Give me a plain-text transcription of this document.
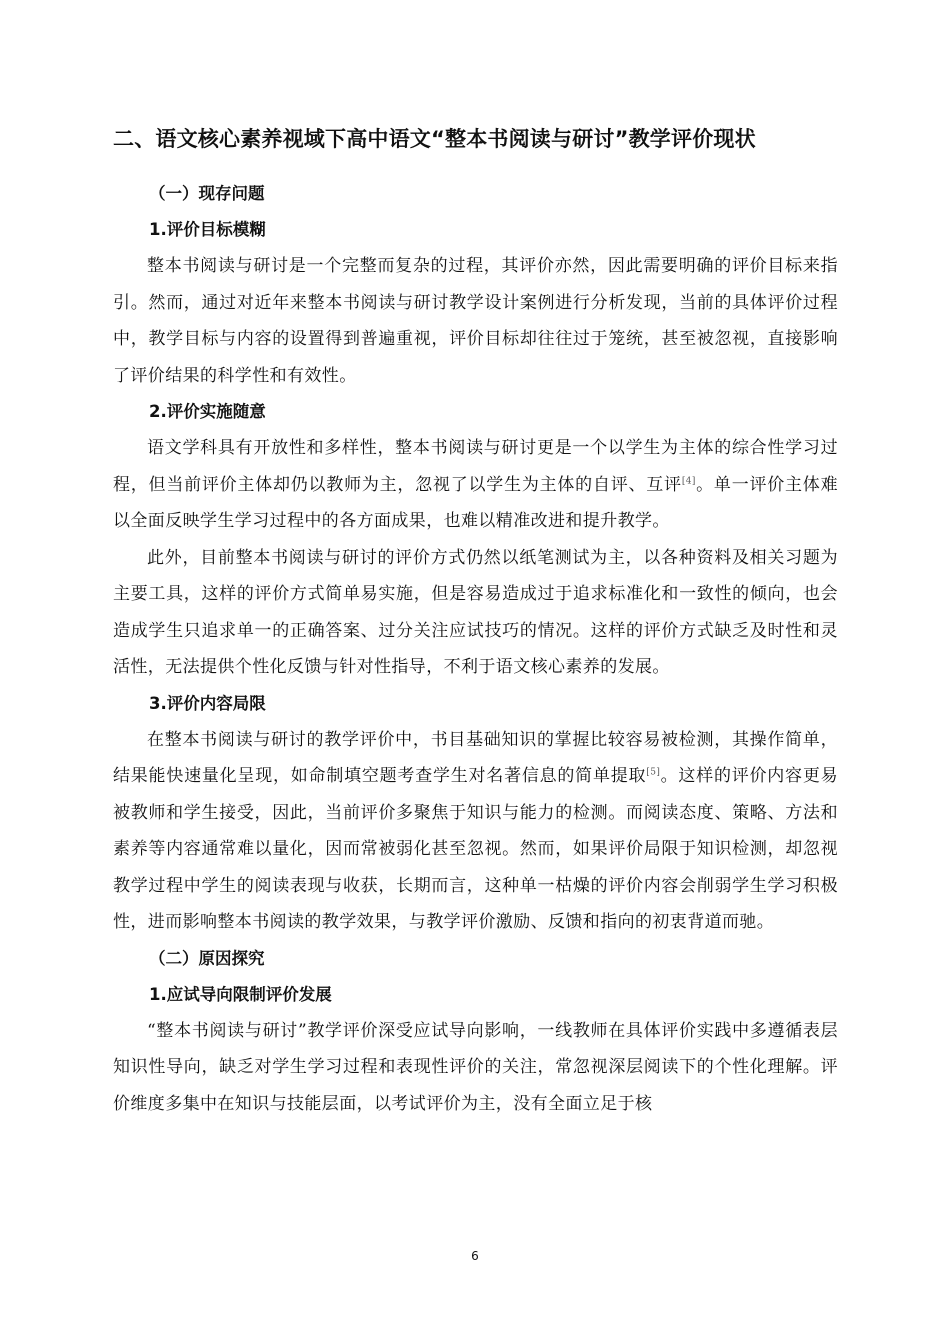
二、语文核心素养视域下高中语文“整本书阅读与研讨”教学评价现状
（一）现存问题
1.评价目标模糊

整本书阅读与研讨是一个完整而复杂的过程，其评价亦然，因此需要明确的评价目标来指引。然而，通过对近年来整本书阅读与研讨教学设计案例进行分析发现，当前的具体评价过程中，教学目标与内容的设置得到普遍重视，评价目标却往往过于笼统，甚至被忽视，直接影响了评价结果的科学性和有效性。

2.评价实施随意

语文学科具有开放性和多样性，整本书阅读与研讨更是一个以学生为主体的综合性学习过程，但当前评价主体却仍以教师为主，忽视了以学生为主体的自评、互评[4]。单一评价主体难以全面反映学生学习过程中的各方面成果，也难以精准改进和提升教学。

此外，目前整本书阅读与研讨的评价方式仍然以纸笔测试为主，以各种资料及相关习题为主要工具，这样的评价方式简单易实施，但是容易造成过于追求标准化和一致性的倾向，也会造成学生只追求单一的正确答案、过分关注应试技巧的情况。这样的评价方式缺乏及时性和灵活性，无法提供个性化反馈与针对性指导，不利于语文核心素养的发展。

3.评价内容局限

在整本书阅读与研讨的教学评价中，书目基础知识的掌握比较容易被检测，其操作简单，结果能快速量化呈现，如命制填空题考查学生对名著信息的简单提取[5]。这样的评价内容更易被教师和学生接受，因此，当前评价多聚焦于知识与能力的检测。而阅读态度、策略、方法和素养等内容通常难以量化，因而常被弱化甚至忽视。然而，如果评价局限于知识检测，却忽视教学过程中学生的阅读表现与收获，长期而言，这种单一枯燥的评价内容会削弱学生学习积极性，进而影响整本书阅读的教学效果，与教学评价激励、反馈和指向的初衷背道而驰。

（二）原因探究
1.应试导向限制评价发展

“整本书阅读与研讨”教学评价深受应试导向影响，一线教师在具体评价实践中多遵循表层知识性导向，缺乏对学生学习过程和表现性评价的关注，常忽视深层阅读下的个性化理解。评价维度多集中在知识与技能层面，以考试评价为主，没有全面立足于核

6
